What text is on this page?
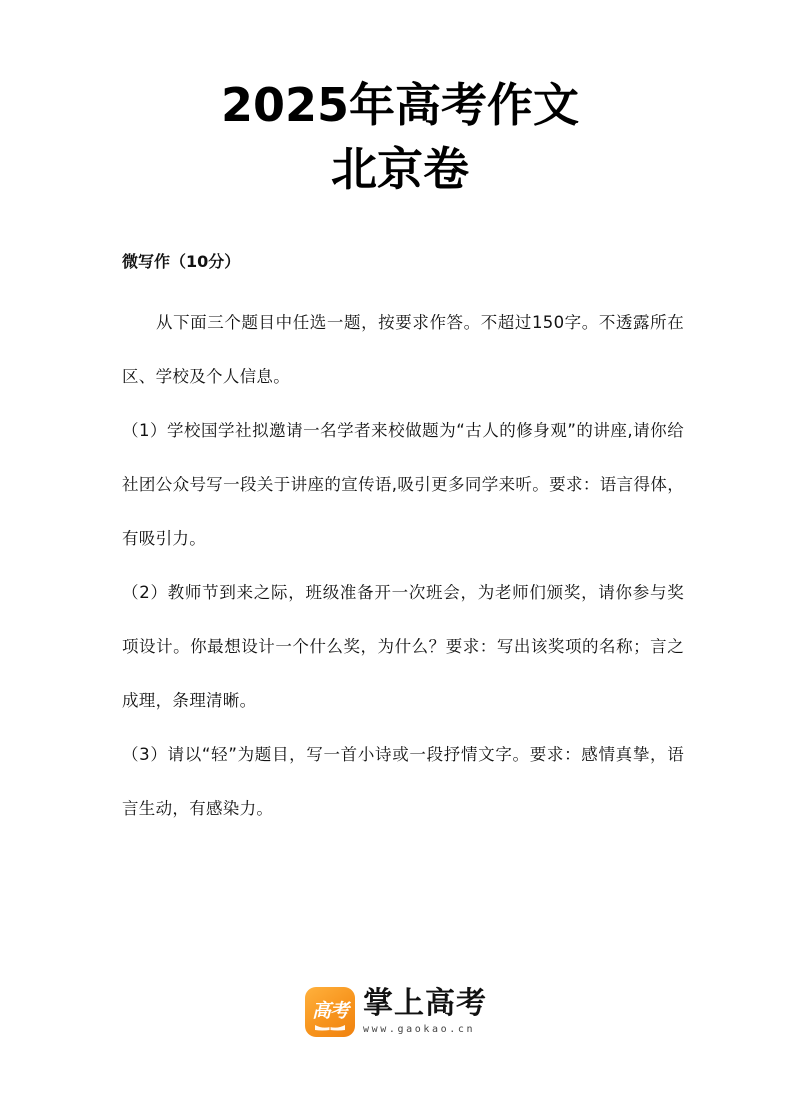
2025年高考作文
北京卷

微写作（10分）

从下面三个题目中任选一题，按要求作答。不超过150字。不透露所在区、学校及个人信息。

（1）学校国学社拟邀请一名学者来校做题为“古人的修身观”的讲座,请你给社团公众号写一段关于讲座的宣传语,吸引更多同学来听。要求：语言得体，有吸引力。

（2）教师节到来之际，班级准备开一次班会，为老师们颁奖，请你参与奖项设计。你最想设计一个什么奖，为什么？要求：写出该奖项的名称；言之成理，条理清晰。

（3）请以“轻”为题目，写一首小诗或一段抒情文字。要求：感情真挚，语言生动，有感染力。

高考 掌上高考
www.gaokao.cn
